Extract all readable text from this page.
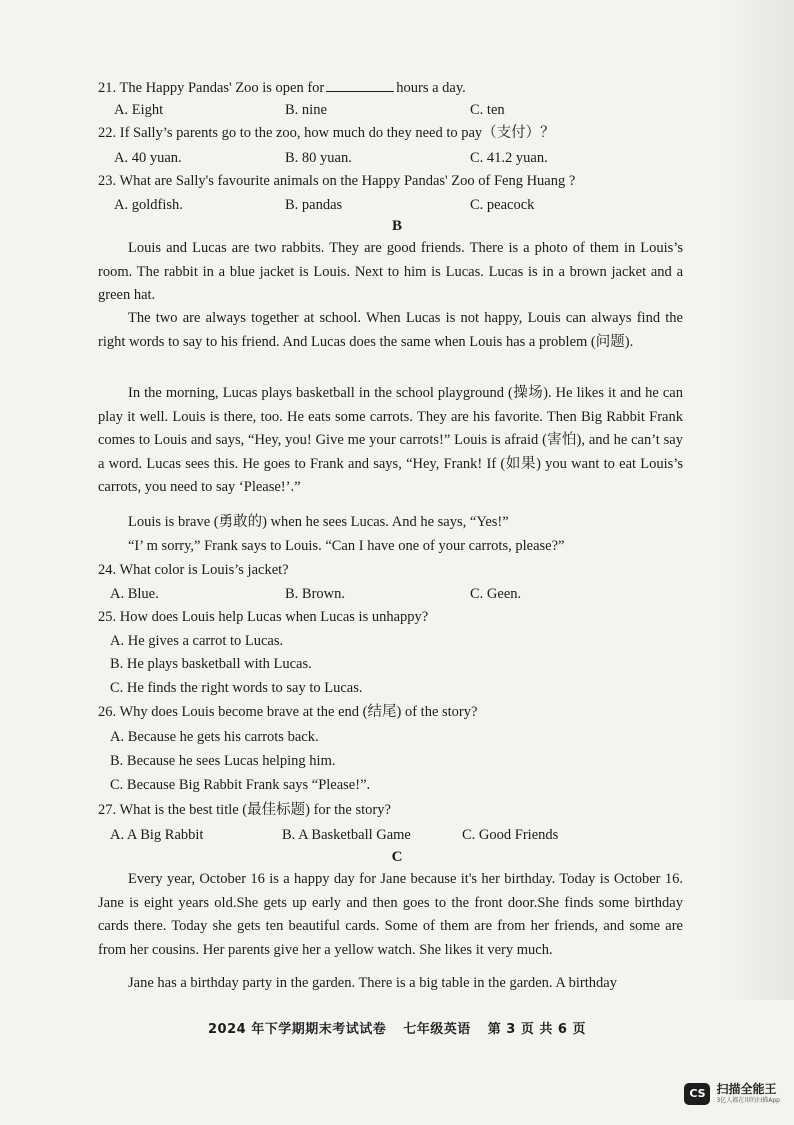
21. The Happy Pandas' Zoo is open for	hours a day.
A. Eight	B. nine	C. ten
22. If Sally’s parents go to the zoo, how much do they need to pay（支付）？
A. 40 yuan.	B. 80 yuan.	C. 41.2 yuan.
23. What are Sally's favourite animals on the Happy Pandas' Zoo of Feng Huang ?
A. goldfish.	B. pandas	C. peacock
B
Louis and Lucas are two rabbits. They are good friends. There is a photo of them in Louis’s room. The rabbit in a blue jacket is Louis. Next to him is Lucas. Lucas is in a brown jacket and a green hat.
The two are always together at school. When Lucas is not happy, Louis can always find the right words to say to his friend. And Lucas does the same when Louis has a problem (问题).
In the morning, Lucas plays basketball in the school playground (操场). He likes it and he can play it well. Louis is there, too. He eats some carrots. They are his favorite. Then Big Rabbit Frank comes to Louis and says, “Hey, you! Give me your carrots!” Louis is afraid (害怕), and he can’t say a word. Lucas sees this. He goes to Frank and says, “Hey, Frank! If (如果) you want to eat Louis’s carrots, you need to say ‘Please!’.”
Louis is brave (勇敢的) when he sees Lucas. And he says, “Yes!”
“I’ m sorry,” Frank says to Louis. “Can I have one of your carrots, please?”
24. What color is Louis’s jacket?
A. Blue.	B. Brown.	C. Geen.
25. How does Louis help Lucas when Lucas is unhappy?
A. He gives a carrot to Lucas.
B. He plays basketball with Lucas.
C. He finds the right words to say to Lucas.
26. Why does Louis become brave at the end (结尾) of the story?
A. Because he gets his carrots back.
B. Because he sees Lucas helping him.
C. Because Big Rabbit Frank says “Please!”.
27. What is the best title (最佳标题) for the story?
A. A Big Rabbit	B. A Basketball Game	C. Good Friends
C
Every year, October 16 is a happy day for Jane because it's her birthday. Today is October 16. Jane is eight years old.She gets up early and then goes to the front door.She finds some birthday cards there. Today she gets ten beautiful cards. Some of them are from her friends, and some are from her cousins. Her parents give her a yellow watch. She likes it very much.
Jane has a birthday party in the garden. There is a big table in the garden. A birthday
2024 年下学期期末考试试卷 七年级英语 第 3 页 共 6 页
CS 扫描全能王
3亿人都在用的扫描App
